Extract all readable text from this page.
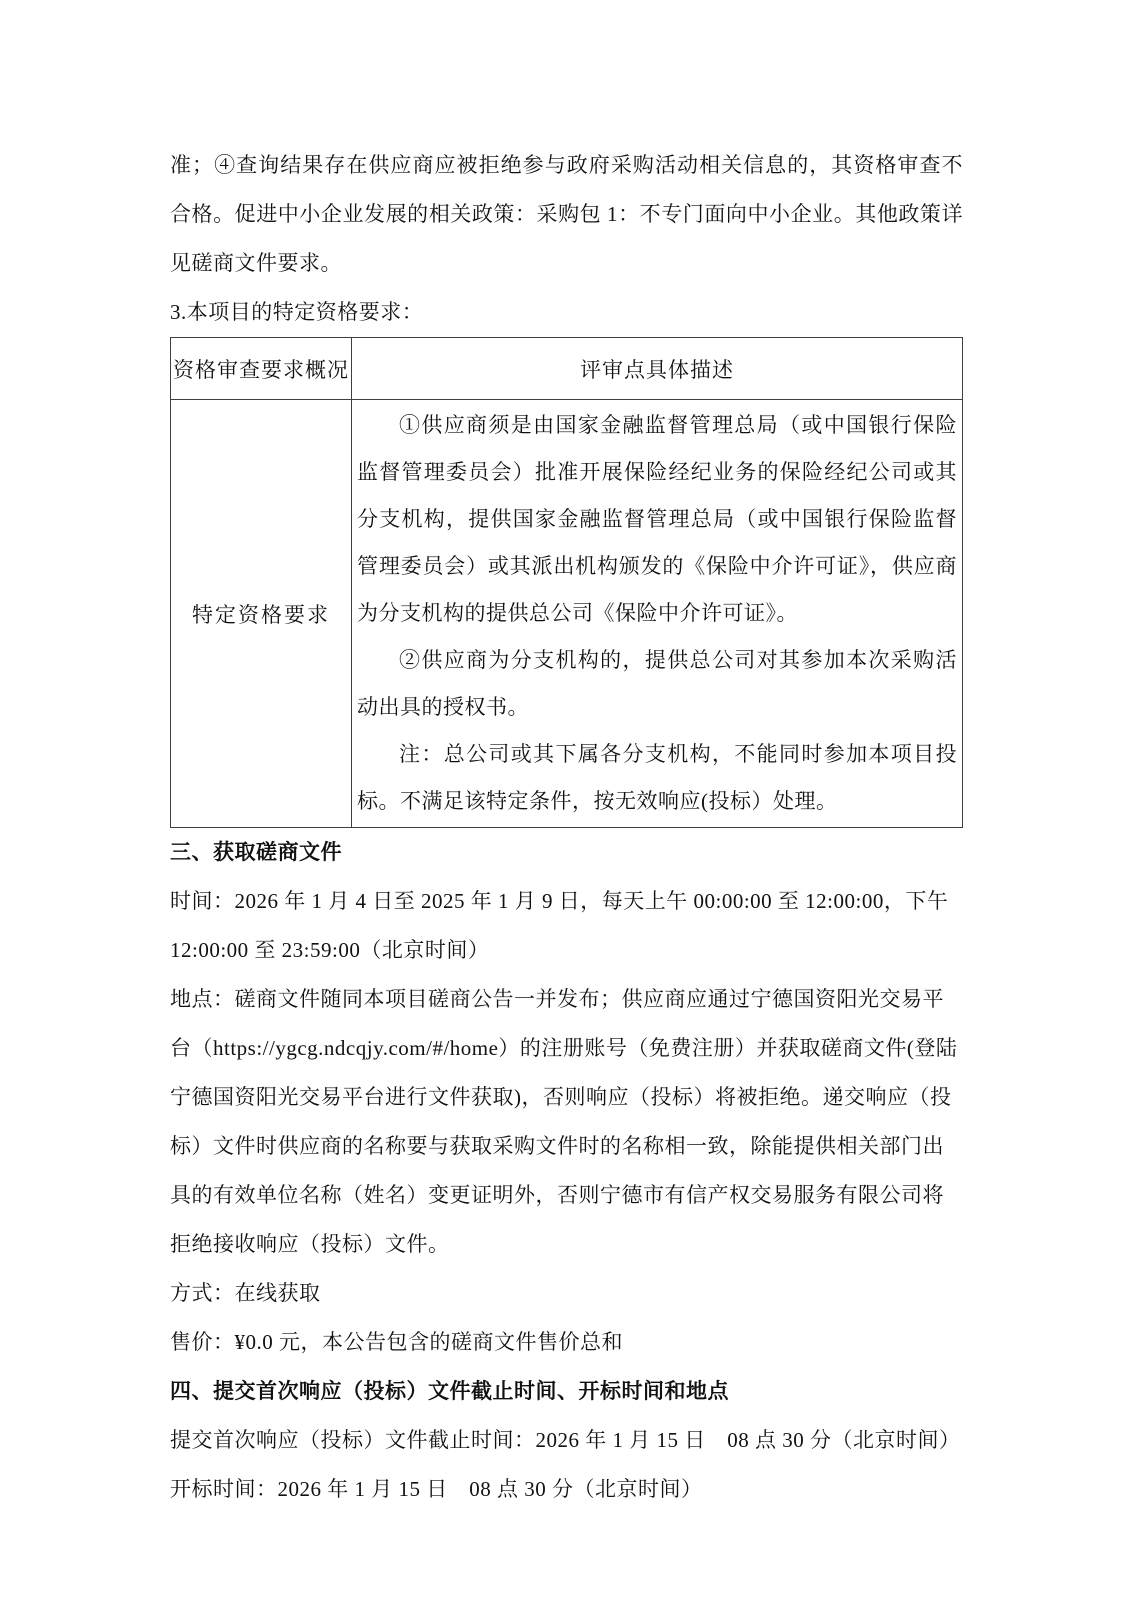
准；④查询结果存在供应商应被拒绝参与政府采购活动相关信息的，其资格审查不合格。促进中小企业发展的相关政策：采购包 1：不专门面向中小企业。其他政策详见磋商文件要求。

3.本项目的特定资格要求：

资格审查要求概况	评审点具体描述
特定资格要求	①供应商须是由国家金融监督管理总局（或中国银行保险监督管理委员会）批准开展保险经纪业务的保险经纪公司或其分支机构，提供国家金融监督管理总局（或中国银行保险监督管理委员会）或其派出机构颁发的《保险中介许可证》，供应商为分支机构的提供总公司《保险中介许可证》。

②供应商为分支机构的，提供总公司对其参加本次采购活动出具的授权书。

注：总公司或其下属各分支机构，不能同时参加本项目投标。不满足该特定条件，按无效响应(投标）处理。

三、获取磋商文件

时间：2026 年 1 月 4 日至 2025 年 1 月 9 日，每天上午 00:00:00 至 12:00:00，下午 12:00:00 至 23:59:00（北京时间）

地点：磋商文件随同本项目磋商公告一并发布；供应商应通过宁德国资阳光交易平台（https://ygcg.ndcqjy.com/#/home）的注册账号（免费注册）并获取磋商文件(登陆宁德国资阳光交易平台进行文件获取)，否则响应（投标）将被拒绝。递交响应（投标）文件时供应商的名称要与获取采购文件时的名称相一致，除能提供相关部门出具的有效单位名称（姓名）变更证明外，否则宁德市有信产权交易服务有限公司将拒绝接收响应（投标）文件。

方式：在线获取

售价：¥0.0 元，本公告包含的磋商文件售价总和

四、提交首次响应（投标）文件截止时间、开标时间和地点

提交首次响应（投标）文件截止时间：2026 年 1 月 15 日　08 点 30 分（北京时间）

开标时间：2026 年 1 月 15 日　08 点 30 分（北京时间）
